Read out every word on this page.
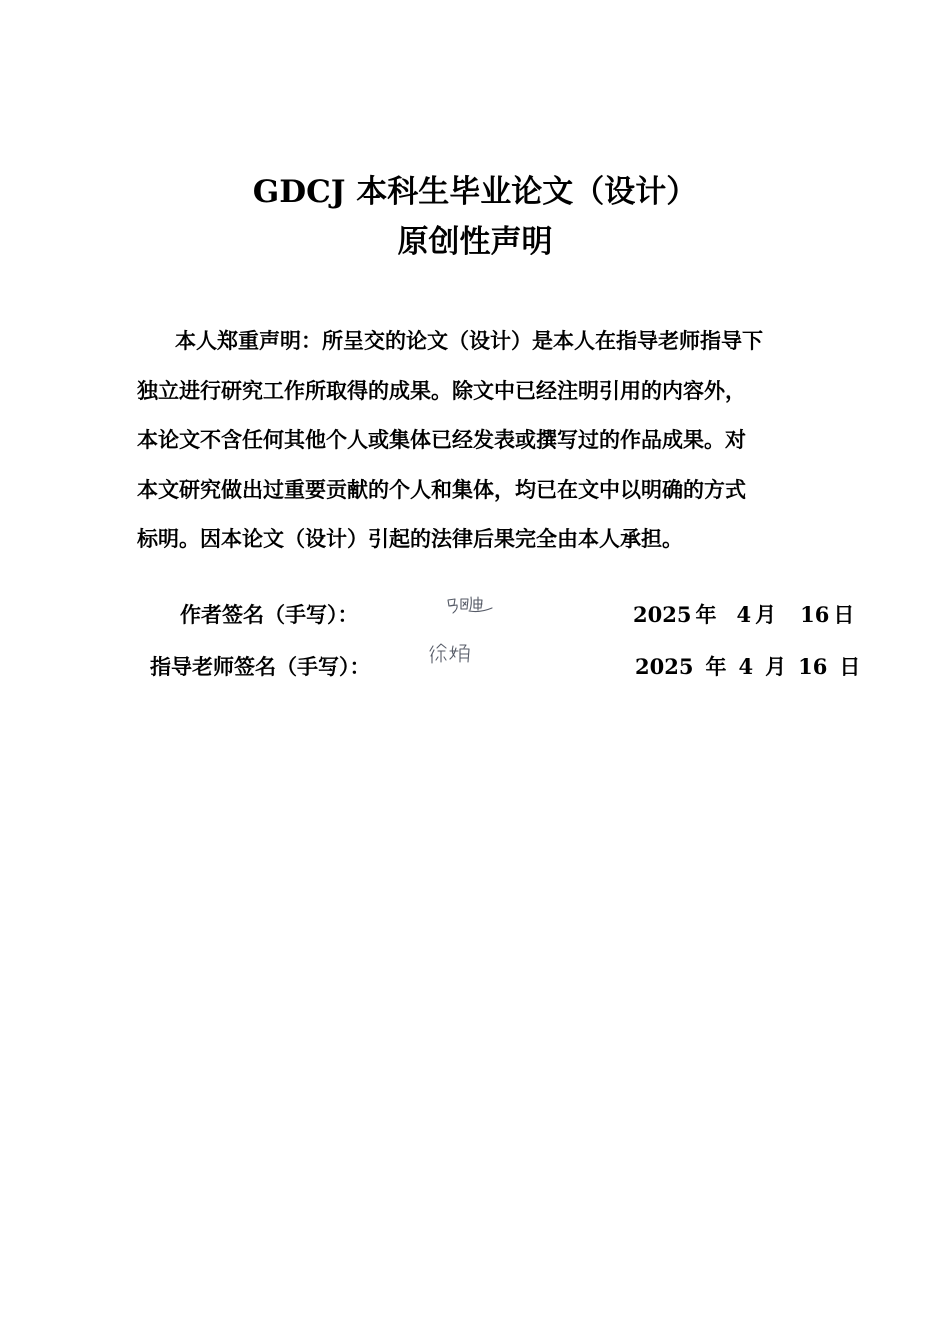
GDCJ 本科生毕业论文（设计）
原创性声明
本人郑重声明：所呈交的论文（设计）是本人在指导老师指导下
独立进行研究工作所取得的成果。除文中已经注明引用的内容外，
本论文不含任何其他个人或集体已经发表或撰写过的作品成果。对
本文研究做出过重要贡献的个人和集体，均已在文中以明确的方式
标明。因本论文（设计）引起的法律后果完全由本人承担。
作者签名（手写）：	2025 年 4 月 16 日
指导老师签名（手写）：	2025 年 4 月 16 日
